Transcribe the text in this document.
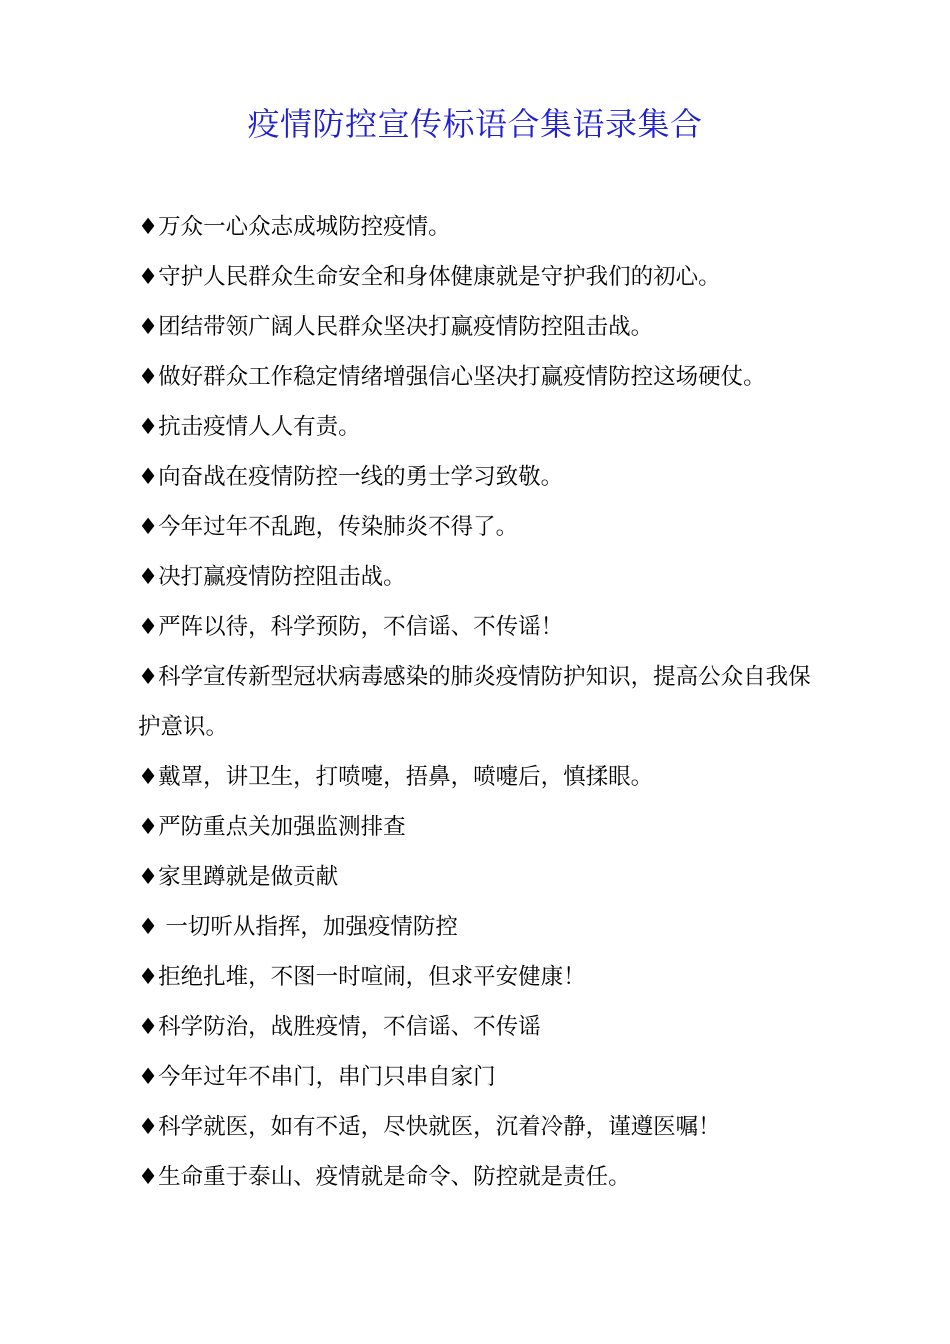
疫情防控宣传标语合集语录集合
♦万众一心众志成城防控疫情。
♦守护人民群众生命安全和身体健康就是守护我们的初心。
♦团结带领广阔人民群众坚决打赢疫情防控阻击战。
♦做好群众工作稳定情绪增强信心坚决打赢疫情防控这场硬仗。
♦抗击疫情人人有责。
♦向奋战在疫情防控一线的勇士学习致敬。
♦今年过年不乱跑，传染肺炎不得了。
♦决打赢疫情防控阻击战。
♦严阵以待，科学预防，不信谣、不传谣！
♦科学宣传新型冠状病毒感染的肺炎疫情防护知识，提高公众自我保护意识。
♦戴罩，讲卫生，打喷嚏，捂鼻，喷嚏后，慎揉眼。
♦严防重点关加强监测排查
♦家里蹲就是做贡献
♦ 一切听从指挥，加强疫情防控
♦拒绝扎堆，不图一时喧闹，但求平安健康！
♦科学防治，战胜疫情，不信谣、不传谣
♦今年过年不串门，串门只串自家门
♦科学就医，如有不适，尽快就医，沉着冷静，谨遵医嘱！
♦生命重于泰山、疫情就是命令、防控就是责任。
